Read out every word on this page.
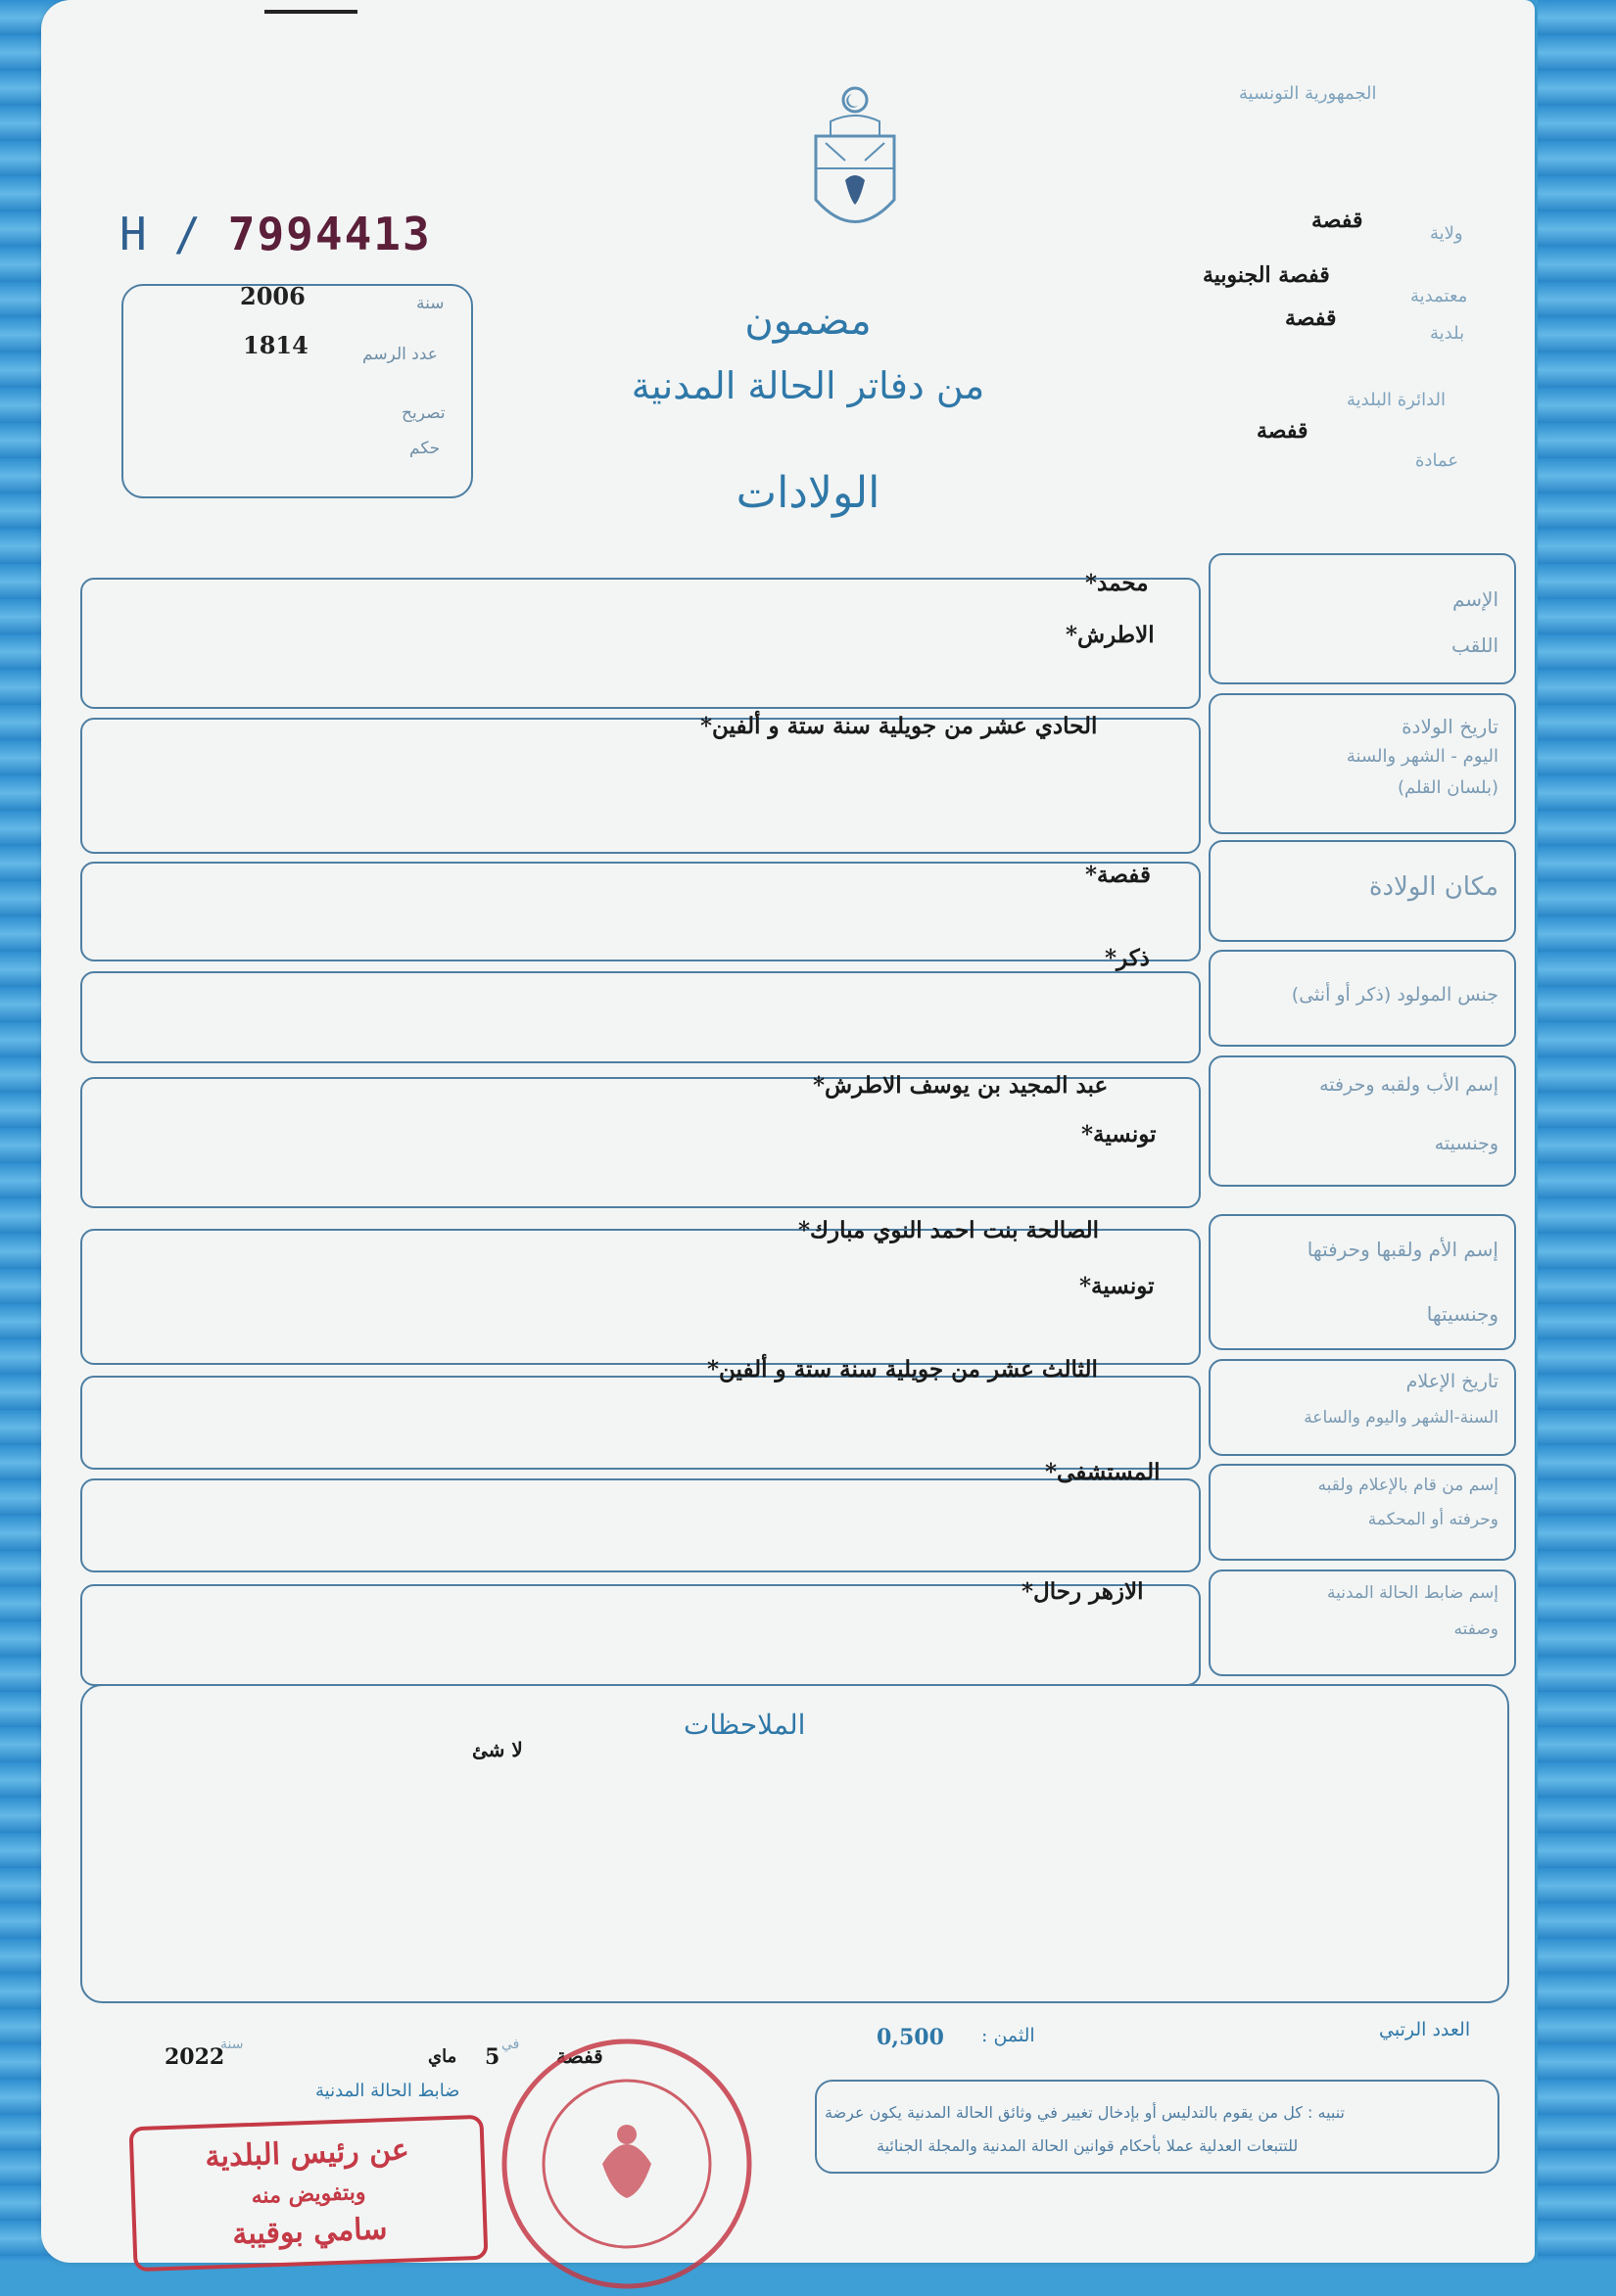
الجمهورية التونسية
H / 7994413	قفصة
قفصة الجنوبية
قفصة
قفصة
ولاية
معتمدية
بلدية
الدائرة البلدية
عمادة
2006
1814
سنة
عدد الرسم
تصريح
حكم
مضمون
من دفاتر الحالة المدنية
الولادات
الإسم
اللقب
محمد*
الاطرش*
تاريخ الولادة
اليوم - الشهر والسنة
(بلسان القلم)
الحادي عشر من جويلية سنة ستة و ألفين*
مكان الولادة
قفصة*
جنس المولود (ذكر أو أنثى)
ذكر*
إسم الأب ولقبه وحرفته
وجنسيته
عبد المجيد بن يوسف الاطرش*
تونسية*
إسم الأم ولقبها وحرفتها
وجنسيتها
الصالحة بنت احمد النوي مبارك*
تونسية*
تاريخ الإعلام
السنة-الشهر واليوم والساعة
الثالث عشر من جويلية سنة ستة و ألفين*
إسم من قام بالإعلام ولقبه
وحرفته أو المحكمة
المستشفى*
إسم ضابط الحالة المدنية
وصفته
الازهر رحال*
الملاحظات
لا شئ
العدد الرتبي
الثمن :
0,500
قفصة
في
5
ماي
سنة
2022
ضابط الحالة المدنية
تنبيه : كل من يقوم بالتدليس أو بإدخال تغيير في وثائق الحالة المدنية يكون عرضة
للتتبعات العدلية عملا بأحكام قوانين الحالة المدنية والمجلة الجنائية
عن رئيس البلدية
وبتفويض منه
سامي بوقيبة
